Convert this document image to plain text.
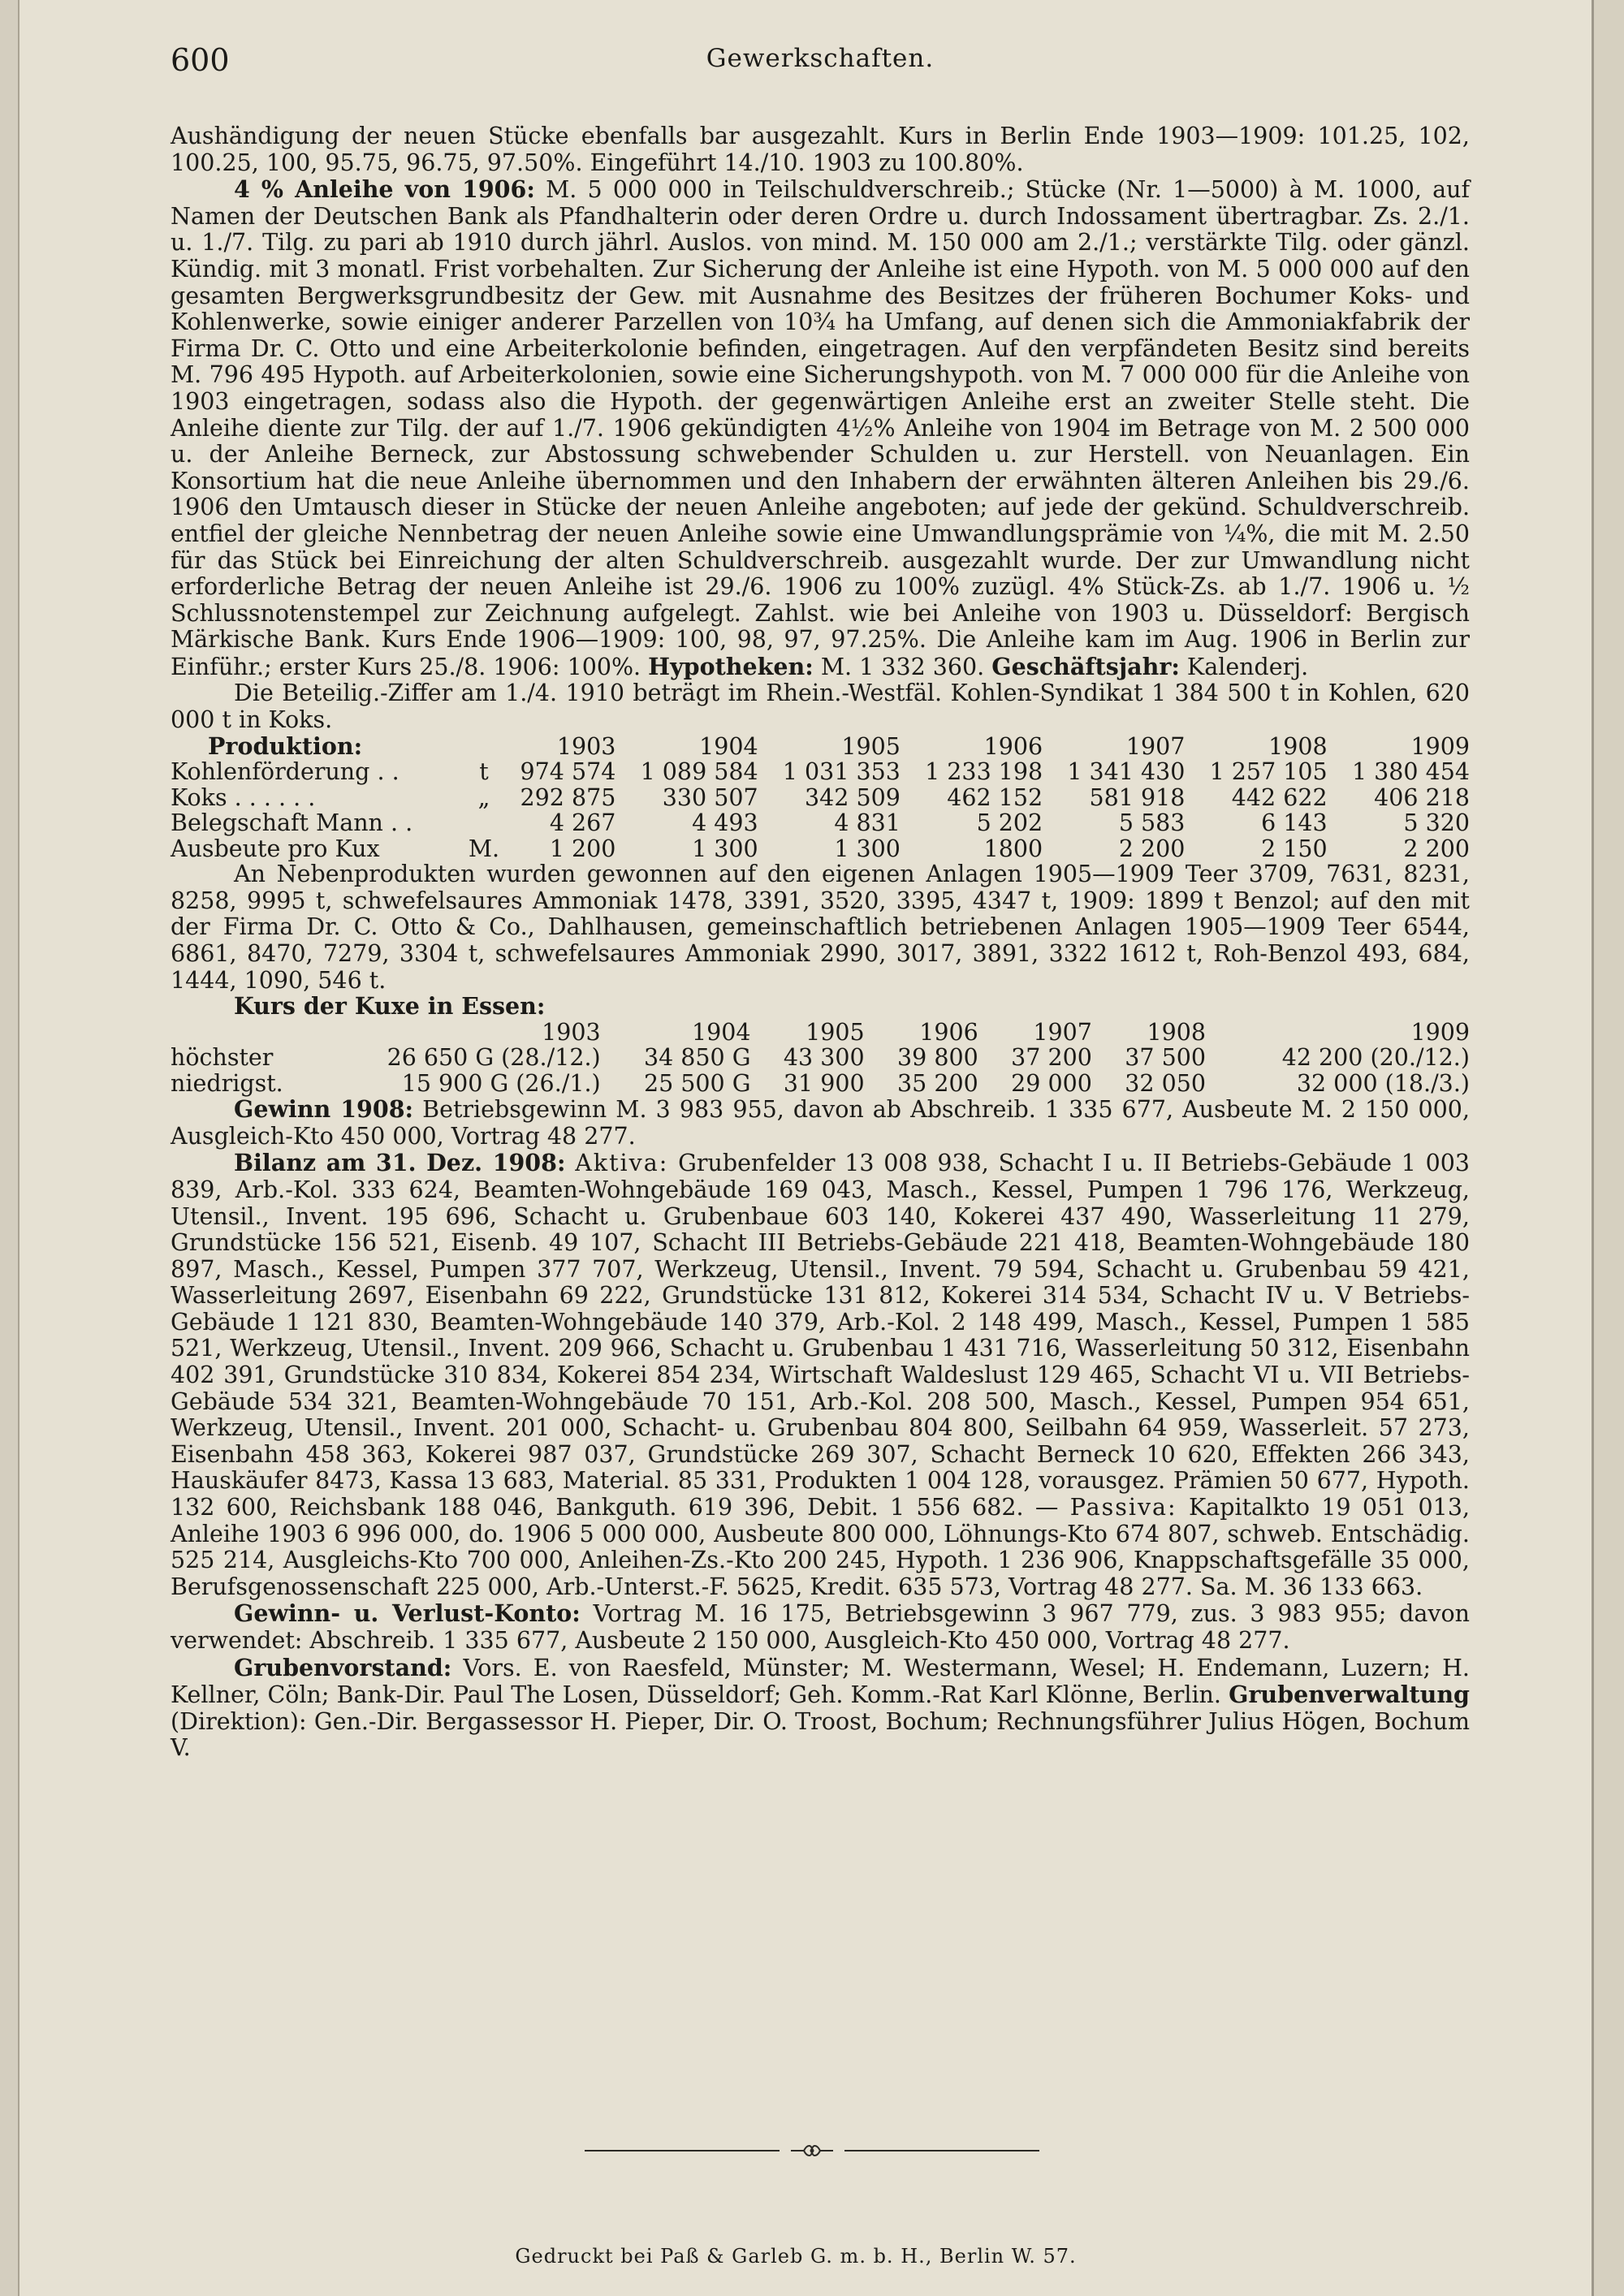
600	Gewerkschaften.

Aushändigung der neuen Stücke ebenfalls bar ausgezahlt. Kurs in Berlin Ende 1903—1909: 101.25, 102, 100.25, 100, 95.75, 96.75, 97.50%. Eingeführt 14./10. 1903 zu 100.80%.

4 % Anleihe von 1906: M. 5 000 000 in Teilschuldverschreib.; Stücke (Nr. 1—5000) à M. 1000, auf Namen der Deutschen Bank als Pfandhalterin oder deren Ordre u. durch Indossament übertragbar. Zs. 2./1. u. 1./7. Tilg. zu pari ab 1910 durch jährl. Auslos. von mind. M. 150 000 am 2./1.; verstärkte Tilg. oder gänzl. Kündig. mit 3 monatl. Frist vorbehalten. Zur Sicherung der Anleihe ist eine Hypoth. von M. 5 000 000 auf den gesamten Bergwerksgrundbesitz der Gew. mit Ausnahme des Besitzes der früheren Bochumer Koks- und Kohlenwerke, sowie einiger anderer Parzellen von 10¾ ha Umfang, auf denen sich die Ammoniakfabrik der Firma Dr. C. Otto und eine Arbeiterkolonie befinden, eingetragen. Auf den verpfändeten Besitz sind bereits M. 796 495 Hypoth. auf Arbeiterkolonien, sowie eine Sicherungshypoth. von M. 7 000 000 für die Anleihe von 1903 eingetragen, sodass also die Hypoth. der gegenwärtigen Anleihe erst an zweiter Stelle steht. Die Anleihe diente zur Tilg. der auf 1./7. 1906 gekündigten 4½% Anleihe von 1904 im Betrage von M. 2 500 000 u. der Anleihe Berneck, zur Abstossung schwebender Schulden u. zur Herstell. von Neuanlagen. Ein Konsortium hat die neue Anleihe übernommen und den Inhabern der erwähnten älteren Anleihen bis 29./6. 1906 den Umtausch dieser in Stücke der neuen Anleihe angeboten; auf jede der gekünd. Schuldverschreib. entfiel der gleiche Nennbetrag der neuen Anleihe sowie eine Umwandlungsprämie von ¼%, die mit M. 2.50 für das Stück bei Einreichung der alten Schuldverschreib. ausgezahlt wurde. Der zur Umwandlung nicht erforderliche Betrag der neuen Anleihe ist 29./6. 1906 zu 100% zuzügl. 4% Stück-Zs. ab 1./7. 1906 u. ½ Schlussnotenstempel zur Zeichnung aufgelegt. Zahlst. wie bei Anleihe von 1903 u. Düsseldorf: Bergisch Märkische Bank. Kurs Ende 1906—1909: 100, 98, 97, 97.25%. Die Anleihe kam im Aug. 1906 in Berlin zur Einführ.; erster Kurs 25./8. 1906: 100%. Hypotheken: M. 1 332 360. Geschäftsjahr: Kalenderj.

Die Beteilig.-Ziffer am 1./4. 1910 beträgt im Rhein.-Westfäl. Kohlen-Syndikat 1 384 500 t in Kohlen, 620 000 t in Koks.

Produktion:		1903	1904	1905	1906	1907	1908	1909
Kohlenförderung . .	t	974 574	1 089 584	1 031 353	1 233 198	1 341 430	1 257 105	1 380 454
Koks . . . . . .	„	292 875	330 507	342 509	462 152	581 918	442 622	406 218
Belegschaft Mann . .		4 267	4 493	4 831	5 202	5 583	6 143	5 320
Ausbeute pro Kux	M.	1 200	1 300	1 300	1800	2 200	2 150	2 200

An Nebenprodukten wurden gewonnen auf den eigenen Anlagen 1905—1909 Teer 3709, 7631, 8231, 8258, 9995 t, schwefelsaures Ammoniak 1478, 3391, 3520, 3395, 4347 t, 1909: 1899 t Benzol; auf den mit der Firma Dr. C. Otto & Co., Dahlhausen, gemeinschaftlich betriebenen Anlagen 1905—1909 Teer 6544, 6861, 8470, 7279, 3304 t, schwefelsaures Ammoniak 2990, 3017, 3891, 3322 1612 t, Roh-Benzol 493, 684, 1444, 1090, 546 t.

Kurs der Kuxe in Essen:							
	1903	1904	1905	1906	1907	1908	1909
höchster	26 650 G (28./12.)	34 850 G	43 300	39 800	37 200	37 500	42 200 (20./12.)
niedrigst.	15 900 G (26./1.)	25 500 G	31 900	35 200	29 000	32 050	32 000 (18./3.)

Gewinn 1908: Betriebsgewinn M. 3 983 955, davon ab Abschreib. 1 335 677, Ausbeute M. 2 150 000, Ausgleich-Kto 450 000, Vortrag 48 277.

Bilanz am 31. Dez. 1908: Aktiva: Grubenfelder 13 008 938, Schacht I u. II Betriebs-Gebäude 1 003 839, Arb.-Kol. 333 624, Beamten-Wohngebäude 169 043, Masch., Kessel, Pumpen 1 796 176, Werkzeug, Utensil., Invent. 195 696, Schacht u. Grubenbaue 603 140, Kokerei 437 490, Wasserleitung 11 279, Grundstücke 156 521, Eisenb. 49 107, Schacht III Betriebs-Gebäude 221 418, Beamten-Wohngebäude 180 897, Masch., Kessel, Pumpen 377 707, Werkzeug, Utensil., Invent. 79 594, Schacht u. Grubenbau 59 421, Wasserleitung 2697, Eisenbahn 69 222, Grundstücke 131 812, Kokerei 314 534, Schacht IV u. V Betriebs-Gebäude 1 121 830, Beamten-Wohngebäude 140 379, Arb.-Kol. 2 148 499, Masch., Kessel, Pumpen 1 585 521, Werkzeug, Utensil., Invent. 209 966, Schacht u. Grubenbau 1 431 716, Wasserleitung 50 312, Eisenbahn 402 391, Grundstücke 310 834, Kokerei 854 234, Wirtschaft Waldeslust 129 465, Schacht VI u. VII Betriebs-Gebäude 534 321, Beamten-Wohngebäude 70 151, Arb.-Kol. 208 500, Masch., Kessel, Pumpen 954 651, Werkzeug, Utensil., Invent. 201 000, Schacht- u. Grubenbau 804 800, Seilbahn 64 959, Wasserleit. 57 273, Eisenbahn 458 363, Kokerei 987 037, Grundstücke 269 307, Schacht Berneck 10 620, Effekten 266 343, Hauskäufer 8473, Kassa 13 683, Material. 85 331, Produkten 1 004 128, vorausgez. Prämien 50 677, Hypoth. 132 600, Reichsbank 188 046, Bankguth. 619 396, Debit. 1 556 682. — Passiva: Kapitalkto 19 051 013, Anleihe 1903 6 996 000, do. 1906 5 000 000, Ausbeute 800 000, Löhnungs-Kto 674 807, schweb. Entschädig. 525 214, Ausgleichs-Kto 700 000, Anleihen-Zs.-Kto 200 245, Hypoth. 1 236 906, Knappschaftsgefälle 35 000, Berufsgenossenschaft 225 000, Arb.-Unterst.-F. 5625, Kredit. 635 573, Vortrag 48 277. Sa. M. 36 133 663.

Gewinn- u. Verlust-Konto: Vortrag M. 16 175, Betriebsgewinn 3 967 779, zus. 3 983 955; davon verwendet: Abschreib. 1 335 677, Ausbeute 2 150 000, Ausgleich-Kto 450 000, Vortrag 48 277.

Grubenvorstand: Vors. E. von Raesfeld, Münster; M. Westermann, Wesel; H. Endemann, Luzern; H. Kellner, Cöln; Bank-Dir. Paul The Losen, Düsseldorf; Geh. Komm.-Rat Karl Klönne, Berlin. Grubenverwaltung (Direktion): Gen.-Dir. Bergassessor H. Pieper, Dir. O. Troost, Bochum; Rechnungsführer Julius Högen, Bochum V.

Gedruckt bei Paß & Garleb G. m. b. H., Berlin W. 57.
